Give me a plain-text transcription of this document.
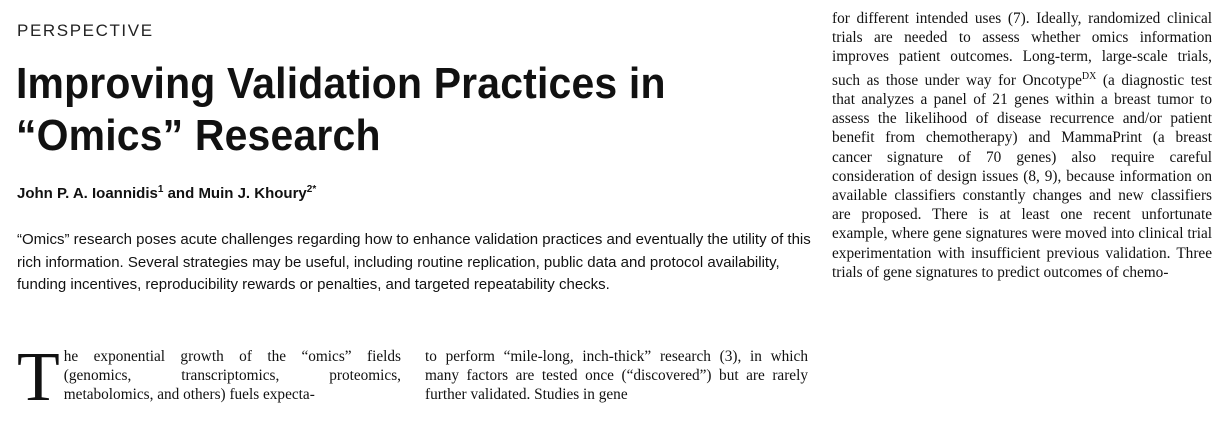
PERSPECTIVE
Improving Validation Practices in “Omics” Research
John P. A. Ioannidis$^1$ and Muin J. Khoury$^{2*}$
“Omics” research poses acute challenges regarding how to enhance validation practices and eventually the utility of this rich information. Several strategies may be useful, including routine replication, public data and protocol availability, funding incentives, reproducibility rewards or penalties, and targeted repeatability checks.
T he exponential growth of the “omics” fields (genomics, transcriptomics, proteomics, metabolomics, and others) fuels expecta-

to perform “mile-long, inch-thick” research (3), in which many factors are tested once (“discovered”) but are rarely further validated. Studies in gene

for different intended uses (7). Ideally, randomized clinical trials are needed to assess whether omics information improves patient outcomes. Long-term, large-scale trials, such as those under way for Oncotype$^{DX}$ (a diagnostic test that analyzes a panel of 21 genes within a breast tumor to assess the likelihood of disease recurrence and/or patient benefit from chemotherapy) and MammaPrint (a breast cancer signature of 70 genes) also require careful consideration of design issues (8, 9), because information on available classifiers constantly changes and new classifiers are proposed. There is at least one recent unfortunate example, where gene signatures were moved into clinical trial experimentation with insufficient previous validation. Three trials of gene signatures to predict outcomes of chemo-
